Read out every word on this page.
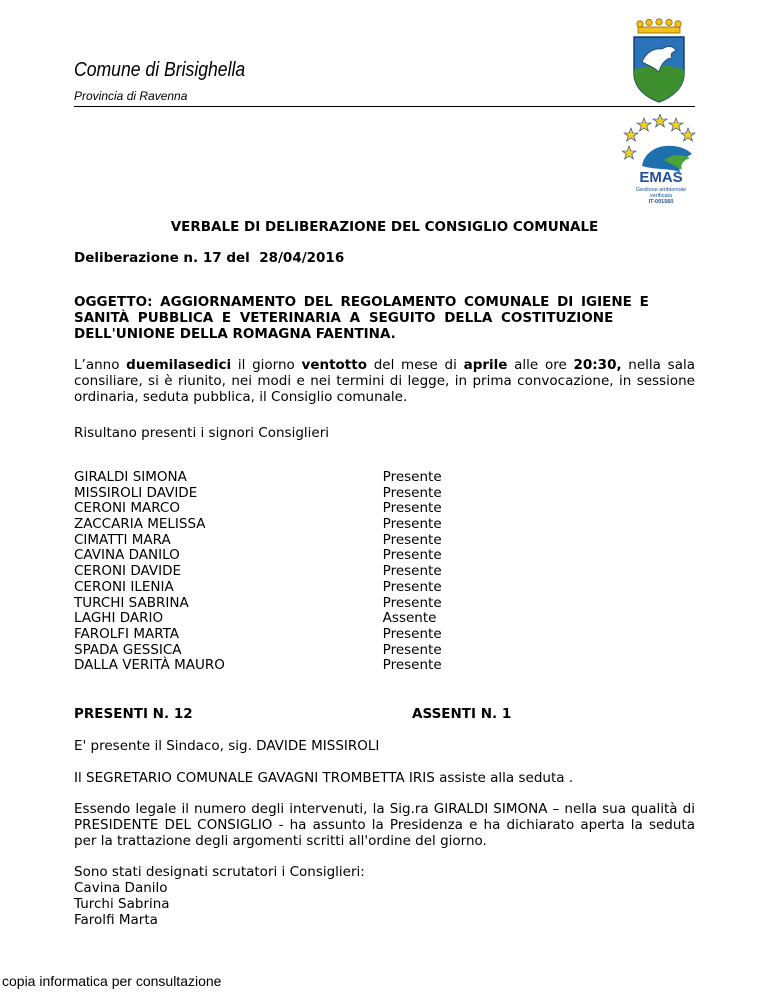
Comune di Brisighella
Provincia di Ravenna
EMAS
Gestione ambientale
verificata
IT-001560
VERBALE DI DELIBERAZIONE DEL CONSIGLIO COMUNALE
Deliberazione n. 17 del  28/04/2016
OGGETTO: AGGIORNAMENTO DEL REGOLAMENTO COMUNALE DI IGIENE E
SANITÀ PUBBLICA E VETERINARIA A SEGUITO DELLA COSTITUZIONE
DELL'UNIONE DELLA ROMAGNA FAENTINA.
L’anno duemilasedici il giorno ventotto del mese di aprile alle ore 20:30, nella sala consiliare, si è riunito, nei modi e nei termini di legge, in prima convocazione, in sessione ordinaria, seduta pubblica, il Consiglio comunale.
Risultano presenti i signori Consiglieri
GIRALDI SIMONA	Presente
MISSIROLI DAVIDE	Presente
CERONI MARCO	Presente
ZACCARIA MELISSA	Presente
CIMATTI MARA	Presente
CAVINA DANILO	Presente
CERONI DAVIDE	Presente
CERONI ILENIA	Presente
TURCHI SABRINA	Presente
LAGHI DARIO	Assente
FAROLFI MARTA	Presente
SPADA GESSICA	Presente
DALLA VERITÀ MAURO	Presente
PRESENTI N. 12	ASSENTI N. 1
E' presente il Sindaco, sig. DAVIDE MISSIROLI
Il SEGRETARIO COMUNALE GAVAGNI TROMBETTA IRIS assiste alla seduta .
Essendo legale il numero degli intervenuti, la Sig.ra GIRALDI SIMONA – nella sua qualità di PRESIDENTE DEL CONSIGLIO - ha assunto la Presidenza e ha dichiarato aperta la seduta per la trattazione degli argomenti scritti all'ordine del giorno.
Sono stati designati scrutatori i Consiglieri:
Cavina Danilo
Turchi Sabrina
Farolfi Marta
copia informatica per consultazione
